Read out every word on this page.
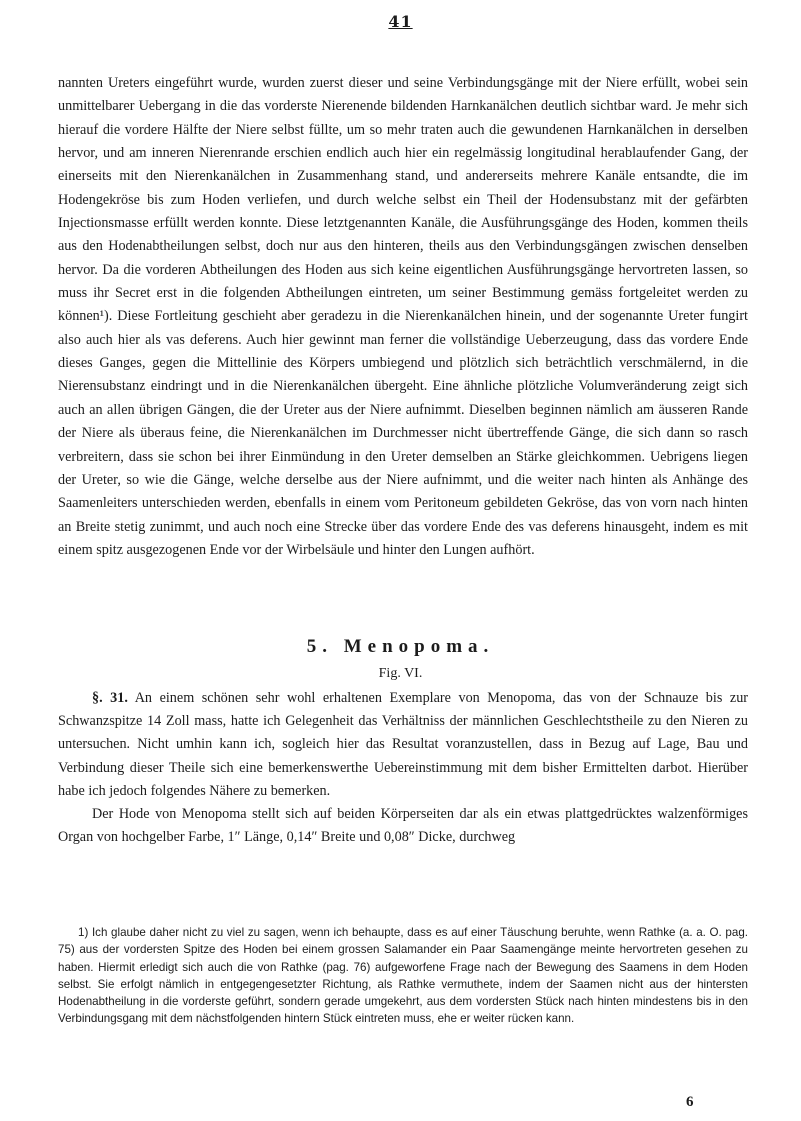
41

nannten Ureters eingeführt wurde, wurden zuerst dieser und seine Verbindungsgänge mit der Niere erfüllt, wobei sein unmittelbarer Uebergang in die das vorderste Nierenende bildenden Harnkanälchen deutlich sichtbar ward. Je mehr sich hierauf die vordere Hälfte der Niere selbst füllte, um so mehr traten auch die gewundenen Harnkanälchen in derselben hervor, und am inneren Nierenrande erschien endlich auch hier ein regelmässig longitudinal herablaufender Gang, der einerseits mit den Nierenkanälchen in Zusammenhang stand, und andererseits mehrere Kanäle entsandte, die im Hodengekröse bis zum Hoden verliefen, und durch welche selbst ein Theil der Hodensubstanz mit der gefärbten Injectionsmasse erfüllt werden konnte. Diese letztgenannten Kanäle, die Ausführungsgänge des Hoden, kommen theils aus den Hodenabtheilungen selbst, doch nur aus den hinteren, theils aus den Verbindungsgängen zwischen denselben hervor. Da die vorderen Abtheilungen des Hoden aus sich keine eigentlichen Ausführungsgänge hervortreten lassen, so muss ihr Secret erst in die folgenden Abtheilungen eintreten, um seiner Bestimmung gemäss fortgeleitet werden zu können¹). Diese Fortleitung geschieht aber geradezu in die Nierenkanälchen hinein, und der sogenannte Ureter fungirt also auch hier als vas deferens. Auch hier gewinnt man ferner die vollständige Ueberzeugung, dass das vordere Ende dieses Ganges, gegen die Mittellinie des Körpers umbiegend und plötzlich sich beträchtlich verschmälernd, in die Nierensubstanz eindringt und in die Nierenkanälchen übergeht. Eine ähnliche plötzliche Volumveränderung zeigt sich auch an allen übrigen Gängen, die der Ureter aus der Niere aufnimmt. Dieselben beginnen nämlich am äusseren Rande der Niere als überaus feine, die Nierenkanälchen im Durchmesser nicht übertreffende Gänge, die sich dann so rasch verbreitern, dass sie schon bei ihrer Einmündung in den Ureter demselben an Stärke gleichkommen. Uebrigens liegen der Ureter, so wie die Gänge, welche derselbe aus der Niere aufnimmt, und die weiter nach hinten als Anhänge des Saamenleiters unterschieden werden, ebenfalls in einem vom Peritoneum gebildeten Gekröse, das von vorn nach hinten an Breite stetig zunimmt, und auch noch eine Strecke über das vordere Ende des vas deferens hinausgeht, indem es mit einem spitz ausgezogenen Ende vor der Wirbelsäule und hinter den Lungen aufhört.

5. Menopoma.
Fig. VI.

§. 31. An einem schönen sehr wohl erhaltenen Exemplare von Menopoma, das von der Schnauze bis zur Schwanzspitze 14 Zoll mass, hatte ich Gelegenheit das Verhältniss der männlichen Geschlechtstheile zu den Nieren zu untersuchen. Nicht umhin kann ich, sogleich hier das Resultat voranzustellen, dass in Bezug auf Lage, Bau und Verbindung dieser Theile sich eine bemerkenswerthe Uebereinstimmung mit dem bisher Ermittelten darbot. Hierüber habe ich jedoch folgendes Nähere zu bemerken.

Der Hode von Menopoma stellt sich auf beiden Körperseiten dar als ein etwas plattgedrücktes walzenförmiges Organ von hochgelber Farbe, 1″ Länge, 0,14″ Breite und 0,08″ Dicke, durchweg

1) Ich glaube daher nicht zu viel zu sagen, wenn ich behaupte, dass es auf einer Täuschung beruhte, wenn Rathke (a. a. O. pag. 75) aus der vordersten Spitze des Hoden bei einem grossen Salamander ein Paar Saamengänge meinte hervortreten gesehen zu haben. Hiermit erledigt sich auch die von Rathke (pag. 76) aufgeworfene Frage nach der Bewegung des Saamens in dem Hoden selbst. Sie erfolgt nämlich in entgegengesetzter Richtung, als Rathke vermuthete, indem der Saamen nicht aus der hintersten Hodenabtheilung in die vorderste geführt, sondern gerade umgekehrt, aus dem vordersten Stück nach hinten mindestens bis in den Verbindungsgang mit dem nächstfolgenden hintern Stück eintreten muss, ehe er weiter rücken kann.

6
